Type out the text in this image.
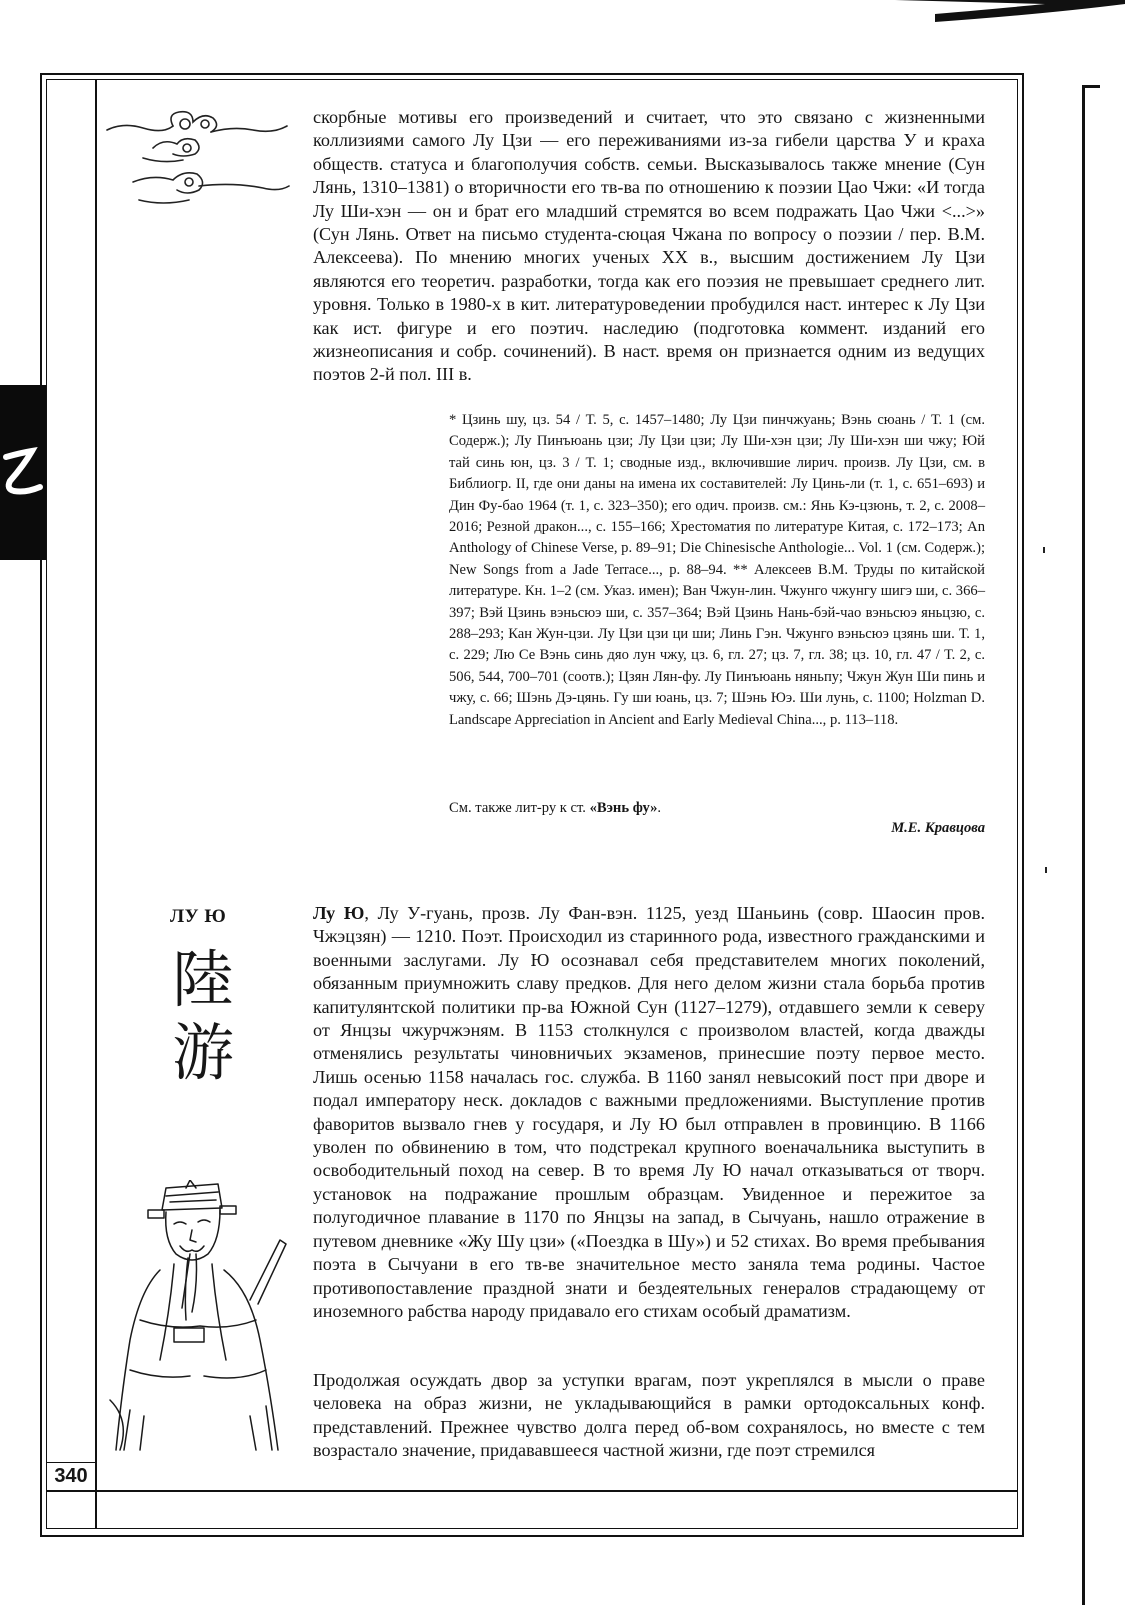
340

скорбные мотивы его произведений и считает, что это связано с жизненными коллизиями самого Лу Цзи — его переживаниями из-за гибели царства У и краха обществ. статуса и благополучия собств. семьи. Высказывалось также мнение (Сун Лянь, 1310–1381) о вторичности его тв-ва по отношению к поэзии Цао Чжи: «И тогда Лу Ши-хэн — он и брат его младший стремятся во всем подражать Цао Чжи <...>» (Сун Лянь. Ответ на письмо студента-сюцая Чжана по вопросу о поэзии / пер. В.М. Алексеева). По мнению многих ученых XX в., высшим достижением Лу Цзи являются его теоретич. разработки, тогда как его поэзия не превышает среднего лит. уровня. Только в 1980-х в кит. литературоведении пробудился наст. интерес к Лу Цзи как ист. фигуре и его поэтич. наследию (подготовка коммент. изданий его жизнеописания и собр. сочинений). В наст. время он признается одним из ведущих поэтов 2-й пол. III в.

* Цзинь шу, цз. 54 / Т. 5, с. 1457–1480; Лу Цзи пинчжуань; Вэнь сюань / Т. 1 (см. Содерж.); Лу Пинъюань цзи; Лу Цзи цзи; Лу Ши-хэн цзи; Лу Ши-хэн ши чжу; Юй тай синь юн, цз. 3 / Т. 1; сводные изд., включившие лирич. произв. Лу Цзи, см. в Библиогр. II, где они даны на имена их составителей: Лу Цинь-ли (т. 1, с. 651–693) и Дин Фу-бао 1964 (т. 1, с. 323–350); его одич. произв. см.: Янь Кэ-цзюнь, т. 2, с. 2008–2016; Резной дракон..., с. 155–166; Хрестоматия по литературе Китая, с. 172–173; An Anthology of Chinese Verse, p. 89–91; Die Chinesische Anthologie... Vol. 1 (см. Содерж.); New Songs from a Jade Terrace..., p. 88–94. ** Алексеев В.М. Труды по китайской литературе. Кн. 1–2 (см. Указ. имен); Ван Чжун-лин. Чжунго чжунгу шигэ ши, с. 366–397; Вэй Цзинь вэньсюэ ши, с. 357–364; Вэй Цзинь Нань-бэй-чао вэньсюэ яньцзю, с. 288–293; Кан Жун-цзи. Лу Цзи цзи ци ши; Линь Гэн. Чжунго вэньсюэ цзянь ши. Т. 1, с. 229; Лю Се Вэнь синь дяо лун чжу, цз. 6, гл. 27; цз. 7, гл. 38; цз. 10, гл. 47 / Т. 2, с. 506, 544, 700–701 (соотв.); Цзян Лян-фу. Лу Пинъюань няньпу; Чжун Жун Ши пинь и чжу, с. 66; Шэнь Дэ-цянь. Гу ши юань, цз. 7; Шэнь Юэ. Ши лунь, с. 1100; Holzman D. Landscape Appreciation in Ancient and Early Medieval China..., p. 113–118.

См. также лит-ру к ст. «Вэнь фу».

М.Е. Кравцова
ЛУ Ю
陸
游

Лу Ю, Лу У-гуань, прозв. Лу Фан-вэн. 1125, уезд Шаньинь (совр. Шаосин пров. Чжэцзян) — 1210. Поэт. Происходил из старинного рода, известного гражданскими и военными заслугами. Лу Ю осознавал себя представителем многих поколений, обязанным приумножить славу предков. Для него делом жизни стала борьба против капитулянтской политики пр-ва Южной Сун (1127–1279), отдавшего земли к северу от Янцзы чжурчжэням. В 1153 столкнулся с произволом властей, когда дважды отменялись результаты чиновничьих экзаменов, принесшие поэту первое место. Лишь осенью 1158 началась гос. служба. В 1160 занял невысокий пост при дворе и подал императору неск. докладов с важными предложениями. Выступление против фаворитов вызвало гнев у государя, и Лу Ю был отправлен в провинцию. В 1166 уволен по обвинению в том, что подстрекал крупного военачальника выступить в освободительный поход на север. В то время Лу Ю начал отказываться от творч. установок на подражание прошлым образцам. Увиденное и пережитое за полугодичное плавание в 1170 по Янцзы на запад, в Сычуань, нашло отражение в путевом дневнике «Жу Шу цзи» («Поездка в Шу») и 52 стихах. Во время пребывания поэта в Сычуани в его тв-ве значительное место заняла тема родины. Частое противопоставление праздной знати и бездеятельных генералов страдающему от иноземного рабства народу придавало его стихам особый драматизм.

Продолжая осуждать двор за уступки врагам, поэт укреплялся в мысли о праве человека на образ жизни, не укладывающийся в рамки ортодоксальных конф. представлений. Прежнее чувство долга перед об-вом сохранялось, но вместе с тем возрастало значение, придававшееся частной жизни, где поэт стремился
